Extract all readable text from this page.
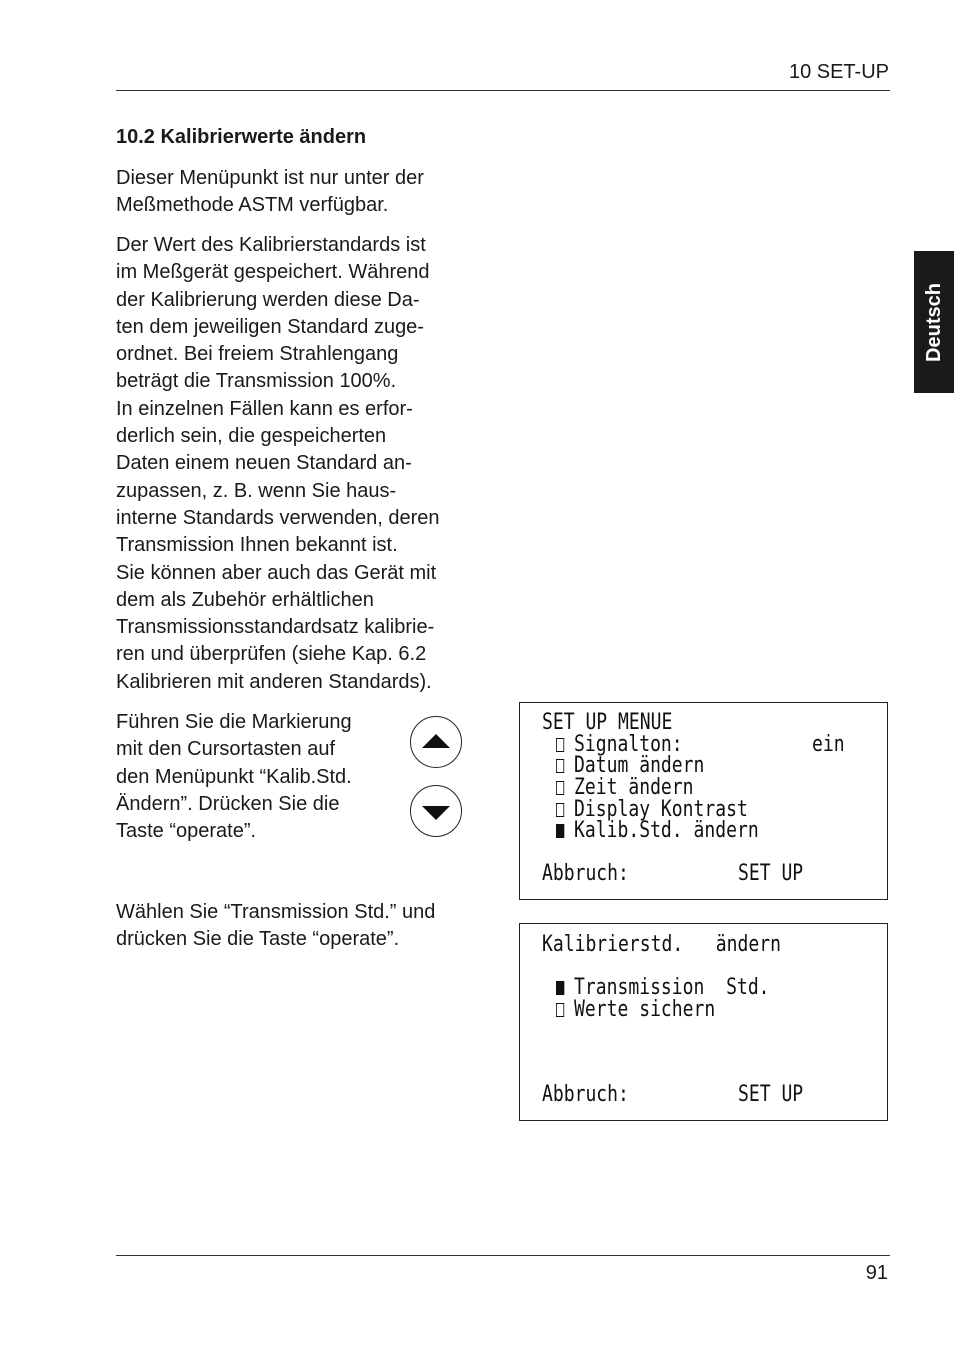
10 SET-UP
Deutsch
10.2 Kalibrierwerte ändern

Dieser Menüpunkt ist nur unter der
Meßmethode ASTM verfügbar.

Der Wert des Kalibrierstandards ist
im Meßgerät gespeichert. Während
der Kalibrierung werden diese Da-
ten dem jeweiligen Standard zuge-
ordnet. Bei freiem Strahlengang
beträgt die Transmission 100%.
In einzelnen Fällen kann es erfor-
derlich sein, die gespeicherten
Daten einem neuen Standard an-
zupassen, z. B. wenn Sie haus-
interne Standards verwenden, deren
Transmission Ihnen bekannt ist.
Sie können aber auch das Gerät mit
dem als Zubehör erhältlichen
Transmissionsstandardsatz kalibrie-
ren und überprüfen (siehe Kap. 6.2
Kalibrieren mit anderen Standards).

Führen Sie die Markierung
mit den Cursortasten auf
den Menüpunkt “Kalib.Std.
Ändern”. Drücken Sie die
Taste “operate”.

Wählen Sie “Transmission Std.” und
drücken Sie die Taste “operate”.

SET UP MENUE
Signalton:	ein
Datum ändern
Zeit ändern
Display Kontrast
Kalib.Std. ändern
Abbruch:	SET UP
Kalibrierstd.   ändern
Transmission  Std.
Werte sichern
Abbruch:	SET UP
91
